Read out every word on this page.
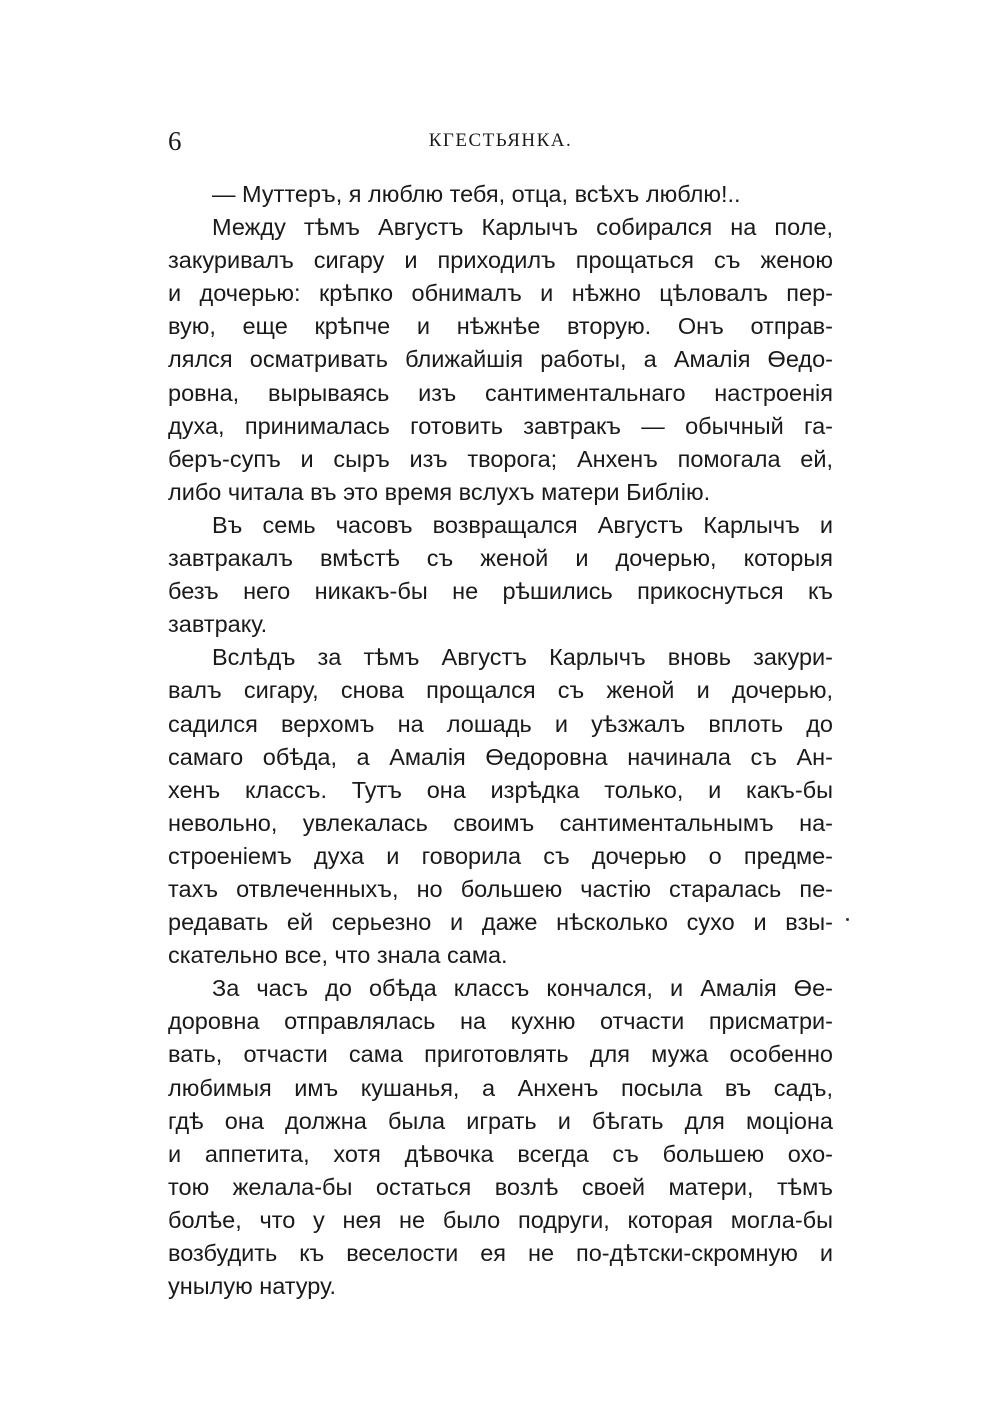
6	КГЕСТЬЯНКА.
— Муттеръ, я люблю тебя, отца, всѣхъ люблю!..
Между тѣмъ Августъ Карлычъ собирался на поле,
закуривалъ сигару и приходилъ прощаться съ женою
и дочерью: крѣпко обнималъ и нѣжно цѣловалъ пер-
вую, еще крѣпче и нѣжнѣе вторую. Онъ отправ-
лялся осматривать ближайшія работы, а Амалія Өедо-
ровна, вырываясь изъ сантиментальнаго настроенія
духа, принималась готовить завтракъ — обычный га-
беръ-супъ и сыръ изъ творога; Анхенъ помогала ей,
либо читала въ это время вслухъ матери Библію.
Въ семь часовъ возвращался Августъ Карлычъ и
завтракалъ вмѣстѣ съ женой и дочерью, которыя
безъ него никакъ-бы не рѣшились прикоснуться къ
завтраку.
Вслѣдъ за тѣмъ Августъ Карлычъ вновь закури-
валъ сигару, снова прощался съ женой и дочерью,
садился верхомъ на лошадь и уѣзжалъ вплоть до
самаго обѣда, а Амалія Өедоровна начинала съ Ан-
хенъ классъ. Тутъ она изрѣдка только, и какъ-бы
невольно, увлекалась своимъ сантиментальнымъ на-
строеніемъ духа и говорила съ дочерью о предме-
тахъ отвлеченныхъ, но большею частію старалась пе-
редавать ей серьезно и даже нѣсколько сухо и взы-
скательно все, что знала сама.
За часъ до обѣда классъ кончался, и Амалія Өе-
доровна отправлялась на кухню отчасти присматри-
вать, отчасти сама приготовлять для мужа особенно
любимыя имъ кушанья, а Анхенъ посыла въ садъ,
гдѣ она должна была играть и бѣгать для моціона
и аппетита, хотя дѣвочка всегда съ большею охо-
тою желала-бы остаться возлѣ своей матери, тѣмъ
болѣе, что у нея не было подруги, которая могла-бы
возбудить къ веселости ея не по-дѣтски-скромную и
унылую натуру.
